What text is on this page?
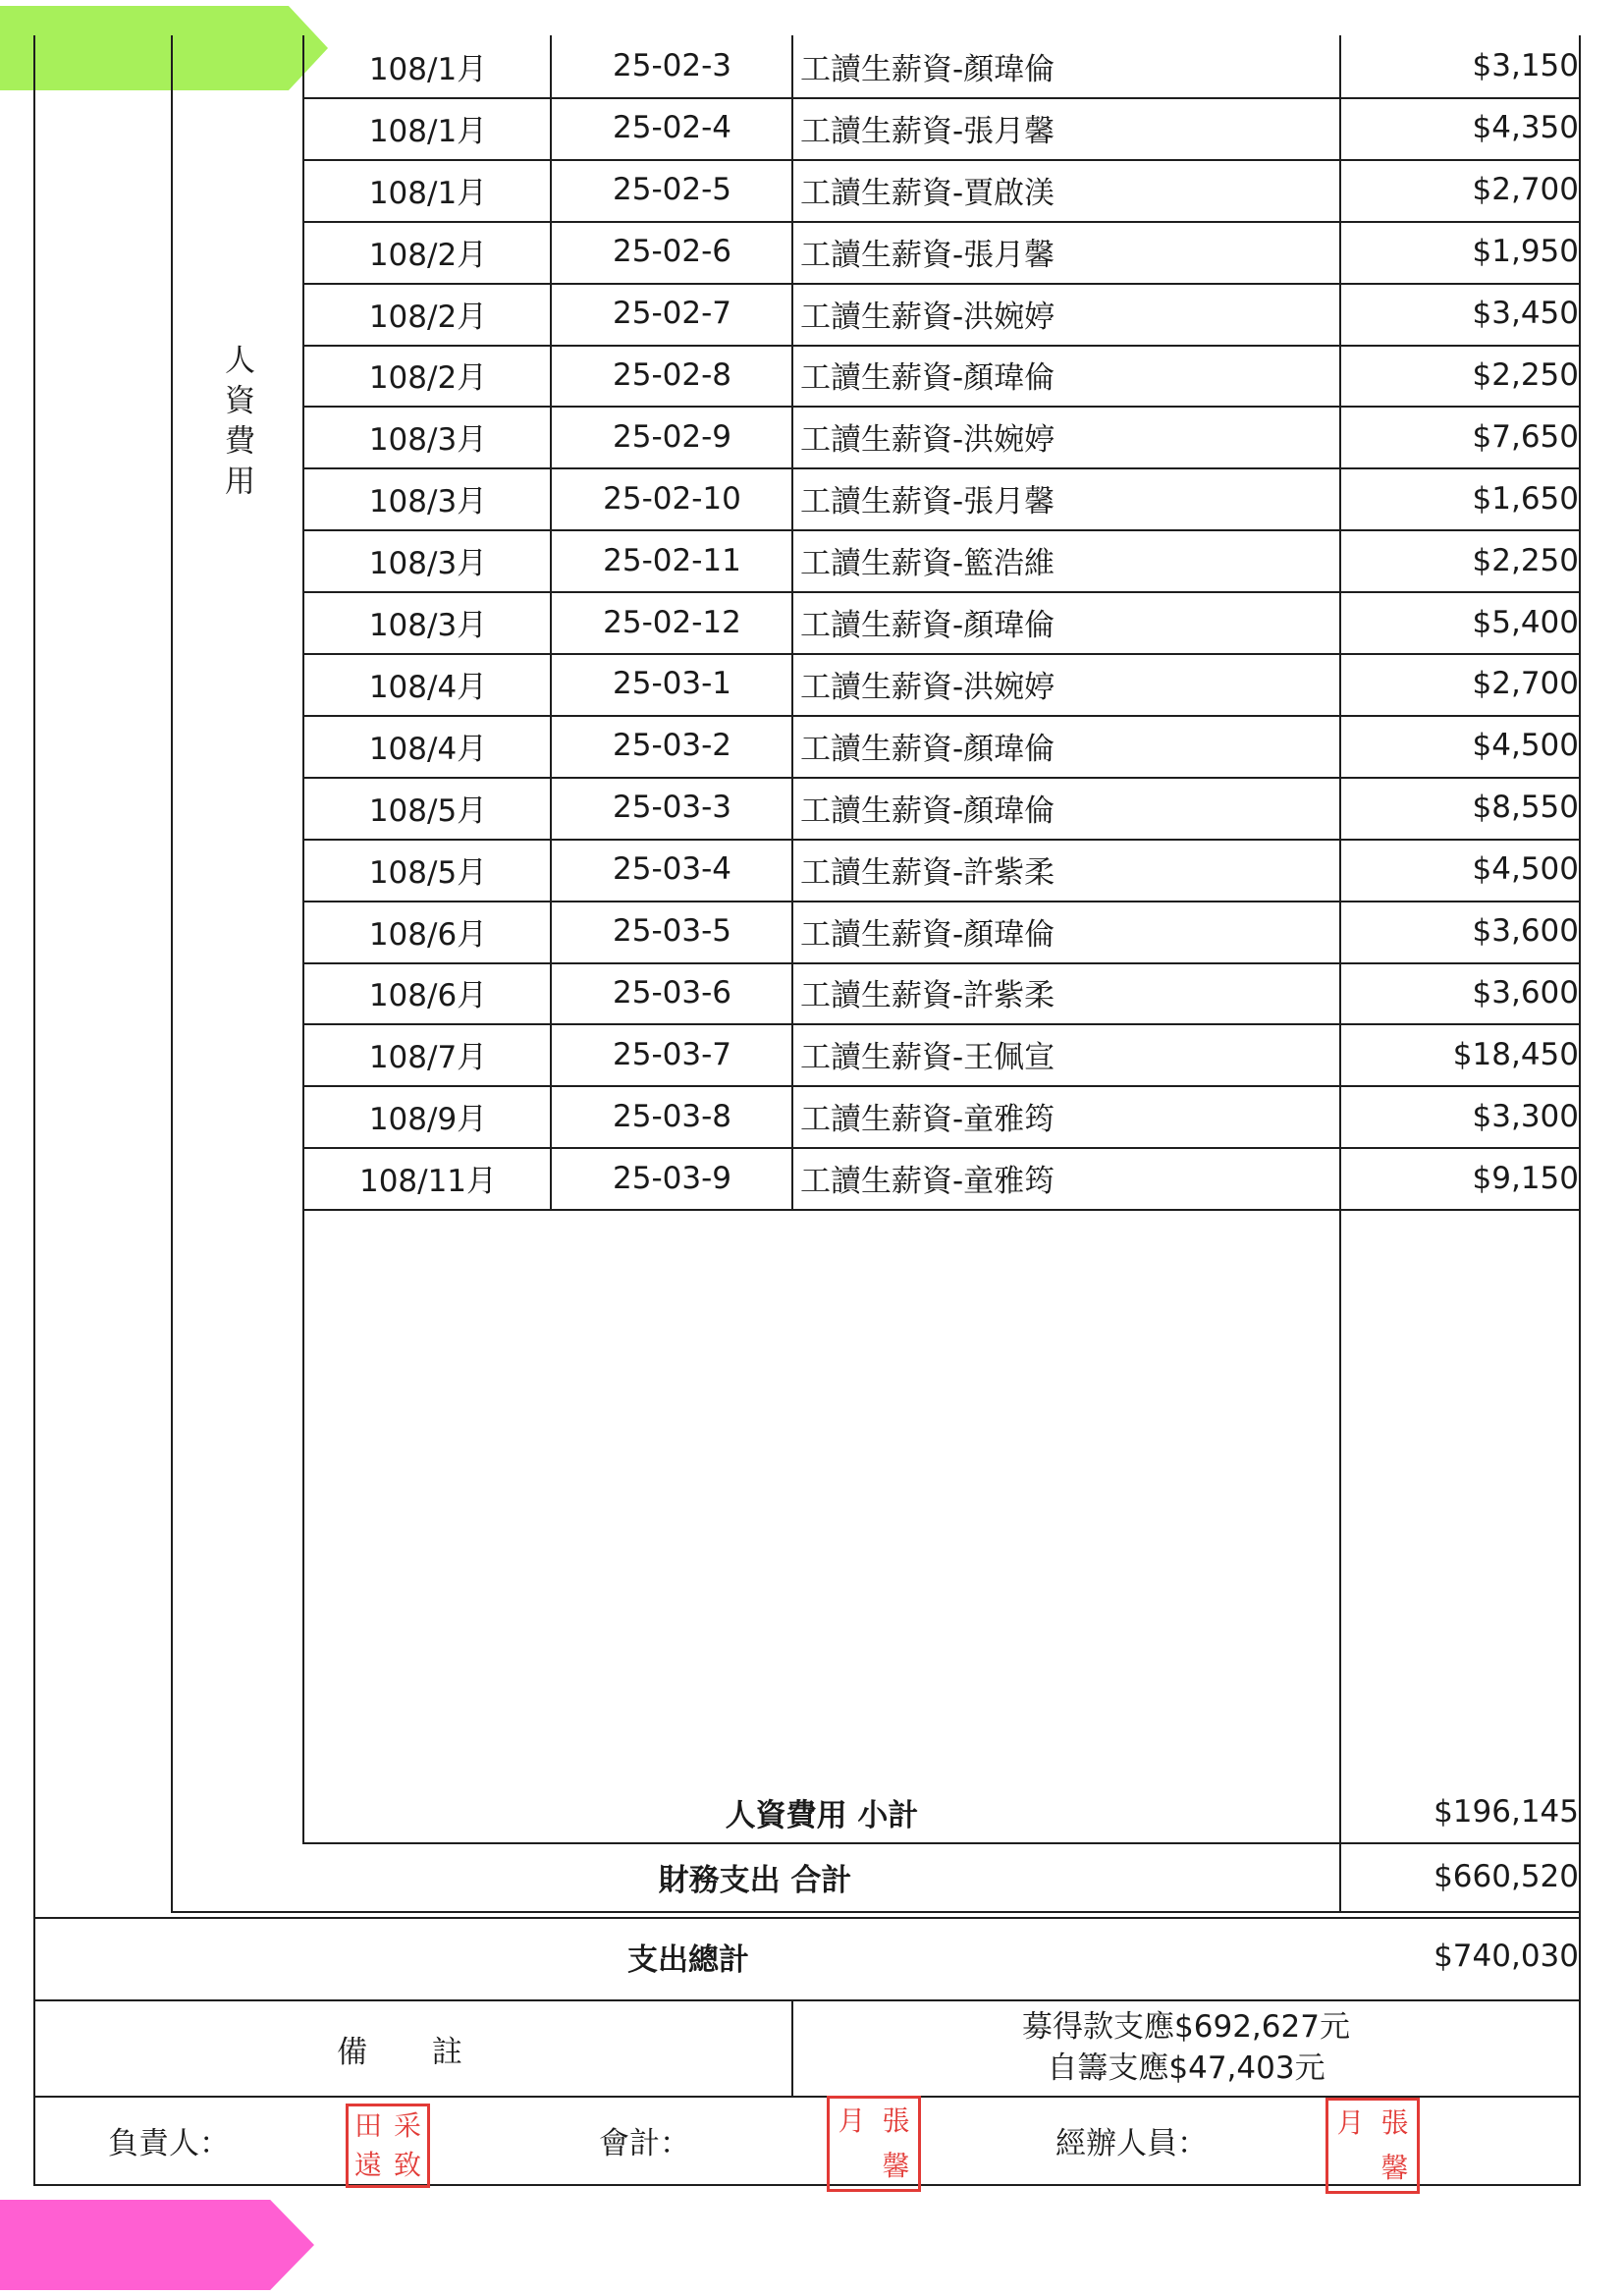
人資費用
108/1月	25-02-3	工讀生薪資-顏瑋倫	$3,150
108/1月	25-02-4	工讀生薪資-張月馨	$4,350
108/1月	25-02-5	工讀生薪資-賈啟渼	$2,700
108/2月	25-02-6	工讀生薪資-張月馨	$1,950
108/2月	25-02-7	工讀生薪資-洪婉婷	$3,450
108/2月	25-02-8	工讀生薪資-顏瑋倫	$2,250
108/3月	25-02-9	工讀生薪資-洪婉婷	$7,650
108/3月	25-02-10	工讀生薪資-張月馨	$1,650
108/3月	25-02-11	工讀生薪資-籃浩維	$2,250
108/3月	25-02-12	工讀生薪資-顏瑋倫	$5,400
108/4月	25-03-1	工讀生薪資-洪婉婷	$2,700
108/4月	25-03-2	工讀生薪資-顏瑋倫	$4,500
108/5月	25-03-3	工讀生薪資-顏瑋倫	$8,550
108/5月	25-03-4	工讀生薪資-許紫柔	$4,500
108/6月	25-03-5	工讀生薪資-顏瑋倫	$3,600
108/6月	25-03-6	工讀生薪資-許紫柔	$3,600
108/7月	25-03-7	工讀生薪資-王佩宣	$18,450
108/9月	25-03-8	工讀生薪資-童雅筠	$3,300
108/11月	25-03-9	工讀生薪資-童雅筠	$9,150
人資費用 小計	$196,145
財務支出 合計	$660,520
支出總計	$740,030
備 註
募得款支應$692,627元
自籌支應$47,403元
負責人：	田 采
遠 致
會計：
月 張
馨
經辦人員：
月 張
馨
